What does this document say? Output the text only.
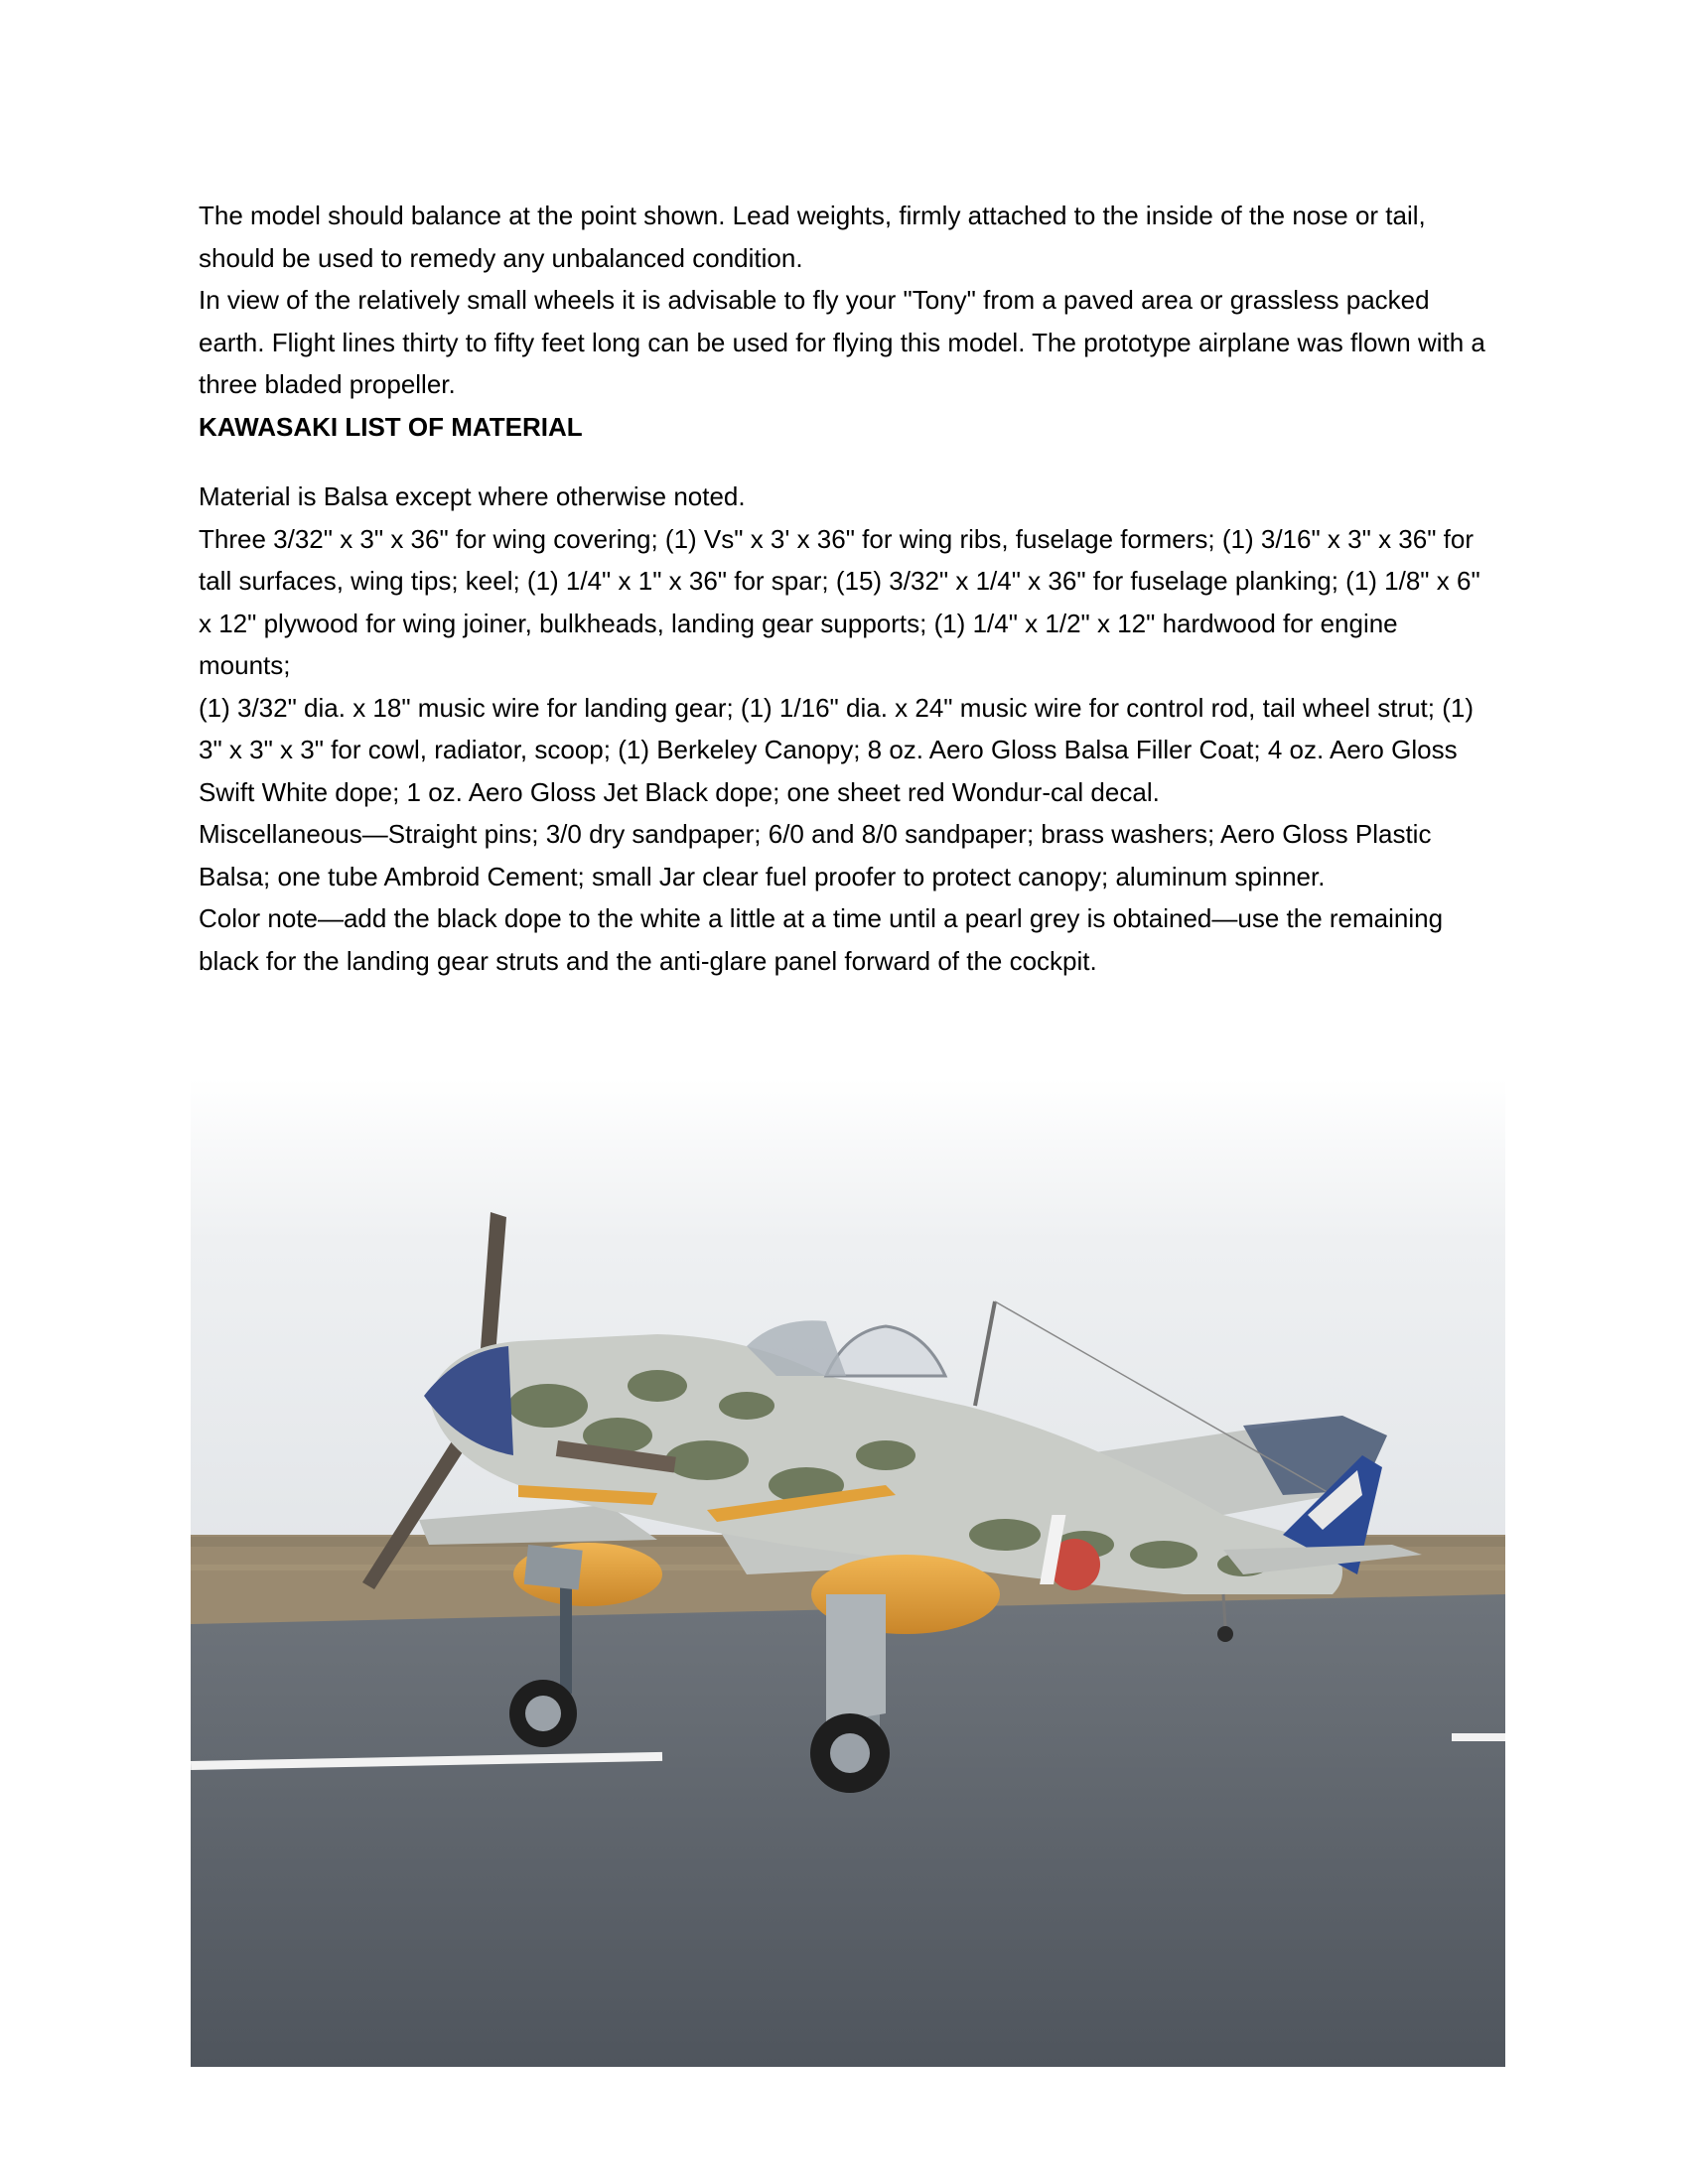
The model should balance at the point shown. Lead weights, firmly attached to the inside of the nose or tail, should be used to remedy any unbalanced condition.

In view of the relatively small wheels it is advisable to fly your "Tony" from a paved area or grassless packed earth. Flight lines thirty to fifty feet long can be used for flying this model. The prototype airplane was flown with a three bladed propeller.

KAWASAKI LIST OF MATERIAL

Material is Balsa except where otherwise noted.

Three 3/32" x 3" x 36" for wing covering; (1) Vs" x 3' x 36" for wing ribs, fuselage formers; (1) 3/16" x 3" x 36" for tall surfaces, wing tips; keel; (1) 1/4" x 1" x 36" for spar; (15) 3/32" x 1/4" x 36" for fuselage planking; (1) 1/8" x 6" x 12" plywood for wing joiner, bulkheads, landing gear supports; (1) 1/4" x 1/2" x 12" hardwood for engine mounts;

(1) 3/32" dia. x 18" music wire for landing gear; (1) 1/16" dia. x 24" music wire for control rod, tail wheel strut; (1) 3" x 3" x 3" for cowl, radiator, scoop; (1) Berkeley Canopy; 8 oz. Aero Gloss Balsa Filler Coat; 4 oz. Aero Gloss Swift White dope; 1 oz. Aero Gloss Jet Black dope; one sheet red Wondur-cal decal.

Miscellaneous—Straight pins; 3/0 dry sandpaper; 6/0 and 8/0 sandpaper; brass washers; Aero Gloss Plastic Balsa; one tube Ambroid Cement; small Jar clear fuel proofer to protect canopy; aluminum spinner.

Color note—add the black dope to the white a little at a time until a pearl grey is obtained—use the remaining black for the landing gear struts and the anti-glare panel forward of the cockpit.
